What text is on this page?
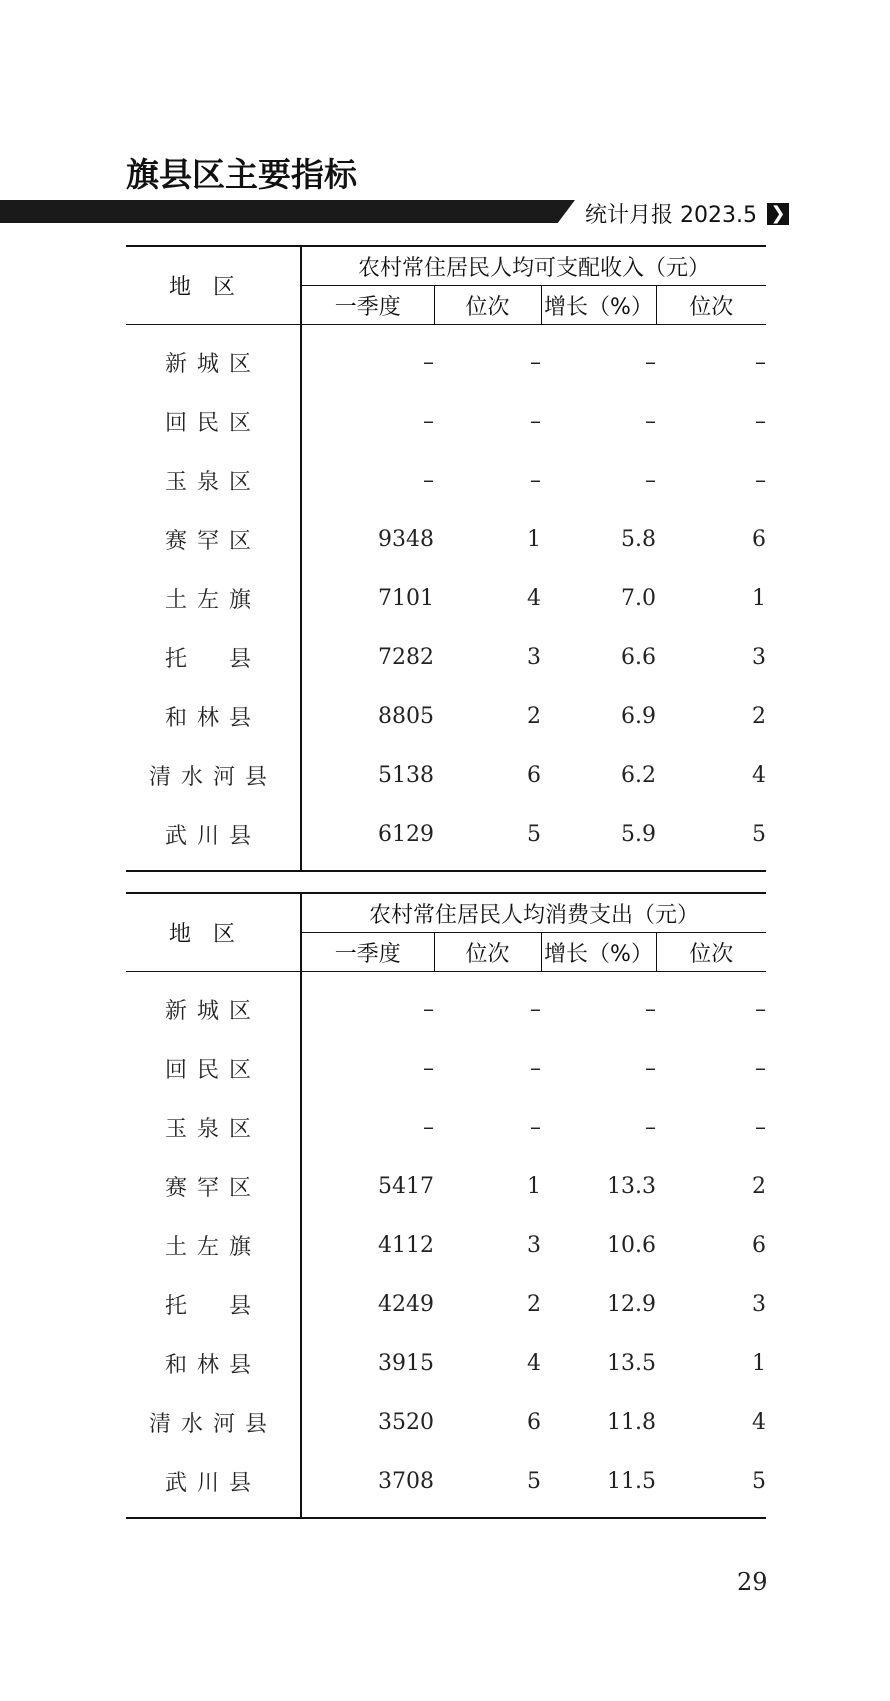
旗县区主要指标
统计月报 2023.5 ❯
地区	农村常住居民人均可支配收入（元）			
	一季度	位次	增长（%）	位次
新城区	–	–	–	–
回民区	–	–	–	–
玉泉区	–	–	–	–
赛罕区	9348	1	5.8	6
土左旗	7101	4	7.0	1
托　县	7282	3	6.6	3
和林县	8805	2	6.9	2
清水河县	5138	6	6.2	4
武川县	6129	5	5.9	5
地区	农村常住居民人均消费支出（元）			
	一季度	位次	增长（%）	位次
新城区	–	–	–	–
回民区	–	–	–	–
玉泉区	–	–	–	–
赛罕区	5417	1	13.3	2
土左旗	4112	3	10.6	6
托　县	4249	2	12.9	3
和林县	3915	4	13.5	1
清水河县	3520	6	11.8	4
武川县	3708	5	11.5	5
29
